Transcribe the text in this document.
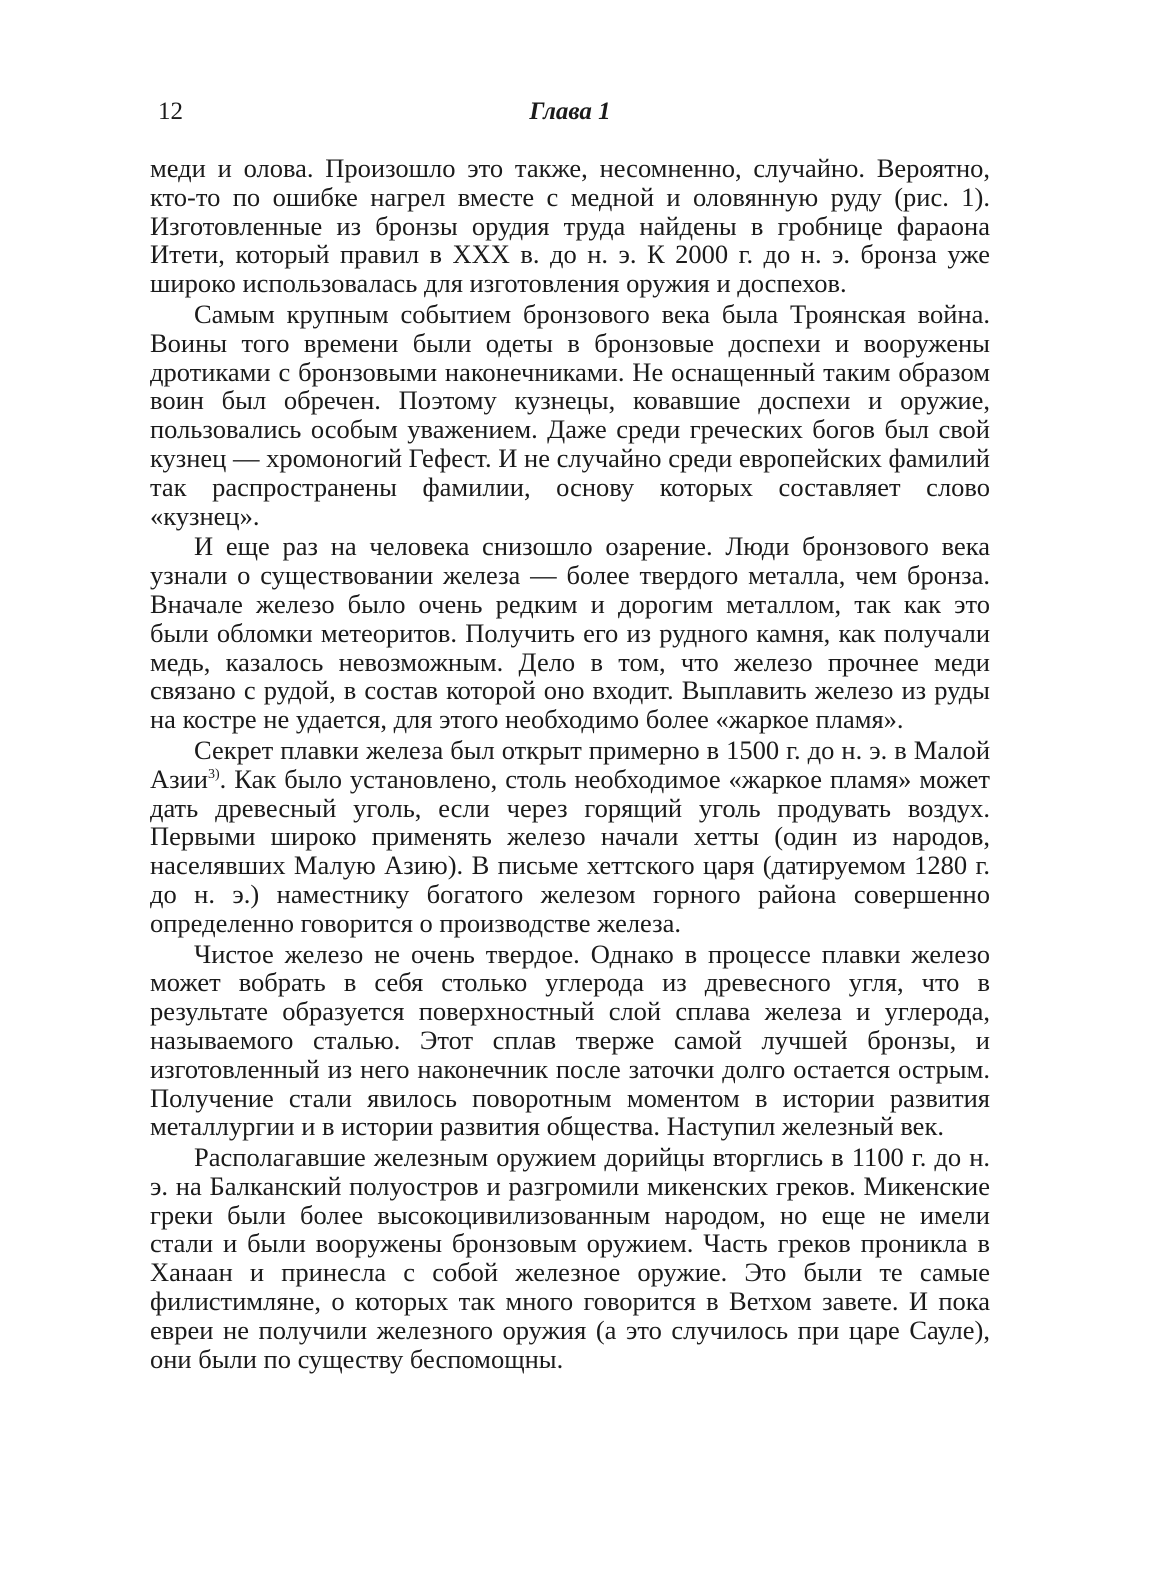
12	Глава 1

меди и олова. Произошло это также, несомненно, случайно. Вероятно, кто-то по ошибке нагрел вместе с медной и оловянную руду (рис. 1). Изготовленные из бронзы орудия труда найдены в гробнице фараона Итети, который правил в XXX в. до н. э. К 2000 г. до н. э. бронза уже широко использовалась для изготовления оружия и доспехов.

Самым крупным событием бронзового века была Троянская война. Воины того времени были одеты в бронзовые доспехи и вооружены дротиками с бронзовыми наконечниками. Не оснащенный таким образом воин был обречен. Поэтому кузнецы, ковавшие доспехи и оружие, пользовались особым уважением. Даже среди греческих богов был свой кузнец — хромоногий Гефест. И не случайно среди европейских фамилий так распространены фамилии, основу которых составляет слово «кузнец».

И еще раз на человека снизошло озарение. Люди бронзового века узнали о существовании железа — более твердого металла, чем бронза. Вначале железо было очень редким и дорогим металлом, так как это были обломки метеоритов. Получить его из рудного камня, как получали медь, казалось невозможным. Дело в том, что железо прочнее меди связано с рудой, в состав которой оно входит. Выплавить железо из руды на костре не удается, для этого необходимо более «жаркое пламя».

Секрет плавки железа был открыт примерно в 1500 г. до н. э. в Малой Азии$^{3)}$. Как было установлено, столь необходимое «жаркое пламя» может дать древесный уголь, если через горящий уголь продувать воздух. Первыми широко применять железо начали хетты (один из народов, населявших Малую Азию). В письме хеттского царя (датируемом 1280 г. до н. э.) наместнику богатого железом горного района совершенно определенно говорится о производстве железа.

Чистое железо не очень твердое. Однако в процессе плавки железо может вобрать в себя столько углерода из древесного угля, что в результате образуется поверхностный слой сплава железа и углерода, называемого сталью. Этот сплав тверже самой лучшей бронзы, и изготовленный из него наконечник после заточки долго остается острым. Получение стали явилось поворотным моментом в истории развития металлургии и в истории развития общества. Наступил железный век.

Располагавшие железным оружием дорийцы вторглись в 1100 г. до н. э. на Балканский полуостров и разгромили микенских греков. Микенские греки были более высокоцивилизованным народом, но еще не имели стали и были вооружены бронзовым оружием. Часть греков проникла в Ханаан и принесла с собой железное оружие. Это были те самые филистимляне, о которых так много говорится в Ветхом завете. И пока евреи не получили железного оружия (а это случилось при царе Сауле), они были по существу беспомощны.
